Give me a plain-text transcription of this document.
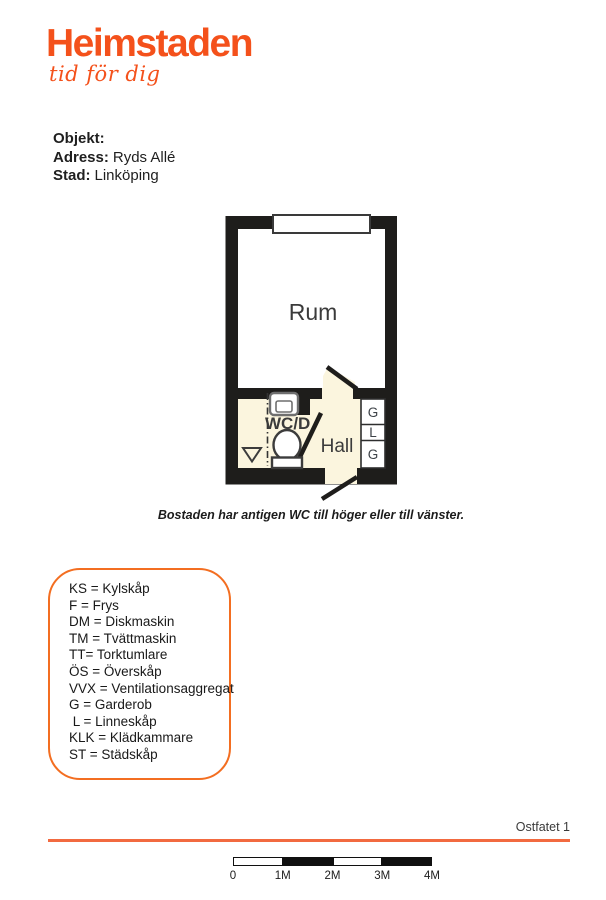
Heimstaden
tid för dig
Objekt:
Adress: Ryds Allé
Stad: Linköping
Rum
WC/D
Hall
G
L
G
Bostaden har antigen WC till höger eller till vänster.
KS = Kylskåp
F = Frys
DM = Diskmaskin
TM = Tvättmaskin
TT= Torktumlare
ÖS = Överskåp
VVX = Ventilationsaggregat
G = Garderob
L = Linneskåp
KLK = Klädkammare
ST = Städskåp
Ostfatet 1
0	1M	2M	3M	4M
